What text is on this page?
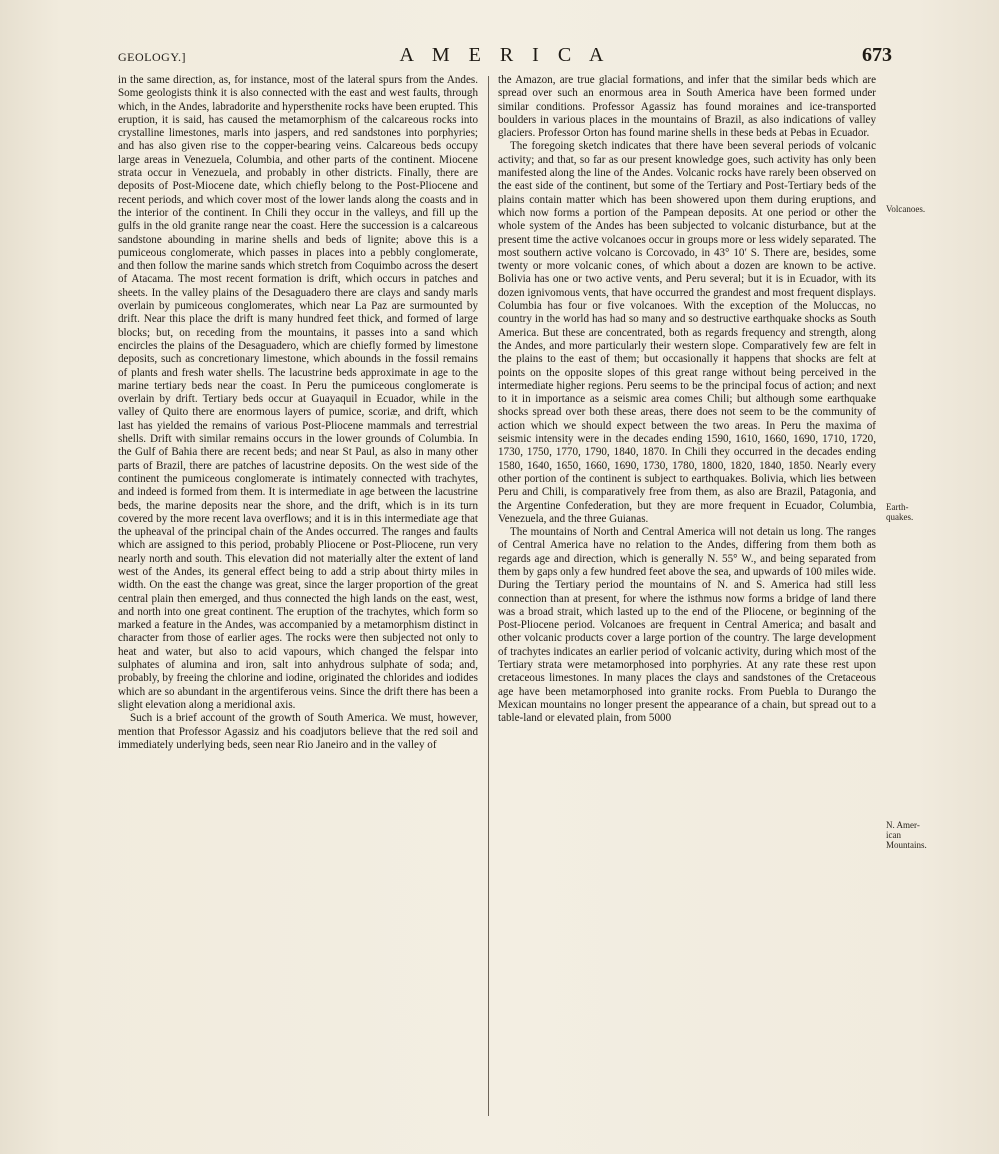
GEOLOGY.]	A M E R I C A	673

in the same direction, as, for instance, most of the lateral spurs from the Andes. Some geologists think it is also connected with the east and west faults, through which, in the Andes, labradorite and hypersthenite rocks have been erupted. This eruption, it is said, has caused the metamorphism of the calcareous rocks into crystalline limestones, marls into jaspers, and red sandstones into porphyries; and has also given rise to the copper-bearing veins. Calcareous beds occupy large areas in Venezuela, Columbia, and other parts of the continent. Miocene strata occur in Venezuela, and probably in other districts. Finally, there are deposits of Post-Miocene date, which chiefly belong to the Post-Pliocene and recent periods, and which cover most of the lower lands along the coasts and in the interior of the continent. In Chili they occur in the valleys, and fill up the gulfs in the old granite range near the coast. Here the succession is a calcareous sandstone abounding in marine shells and beds of lignite; above this is a pumiceous conglomerate, which passes in places into a pebbly conglomerate, and then follow the marine sands which stretch from Coquimbo across the desert of Atacama. The most recent formation is drift, which occurs in patches and sheets. In the valley plains of the Desaguadero there are clays and sandy marls overlain by pumiceous conglomerates, which near La Paz are surmounted by drift. Near this place the drift is many hundred feet thick, and formed of large blocks; but, on receding from the mountains, it passes into a sand which encircles the plains of the Desaguadero, which are chiefly formed by limestone deposits, such as concretionary limestone, which abounds in the fossil remains of plants and fresh water shells. The lacustrine beds approximate in age to the marine tertiary beds near the coast. In Peru the pumiceous conglomerate is overlain by drift. Tertiary beds occur at Guayaquil in Ecuador, while in the valley of Quito there are enormous layers of pumice, scoriæ, and drift, which last has yielded the remains of various Post-Pliocene mammals and terrestrial shells. Drift with similar remains occurs in the lower grounds of Columbia. In the Gulf of Bahia there are recent beds; and near St Paul, as also in many other parts of Brazil, there are patches of lacustrine deposits. On the west side of the continent the pumiceous conglomerate is intimately connected with trachytes, and indeed is formed from them. It is intermediate in age between the lacustrine beds, the marine deposits near the shore, and the drift, which is in its turn covered by the more recent lava overflows; and it is in this intermediate age that the upheaval of the principal chain of the Andes occurred. The ranges and faults which are assigned to this period, probably Pliocene or Post-Pliocene, run very nearly north and south. This elevation did not materially alter the extent of land west of the Andes, its general effect being to add a strip about thirty miles in width. On the east the change was great, since the larger proportion of the great central plain then emerged, and thus connected the high lands on the east, west, and north into one great continent. The eruption of the trachytes, which form so marked a feature in the Andes, was accompanied by a metamorphism distinct in character from those of earlier ages. The rocks were then subjected not only to heat and water, but also to acid vapours, which changed the felspar into sulphates of alumina and iron, salt into anhydrous sulphate of soda; and, probably, by freeing the chlorine and iodine, originated the chlorides and iodides which are so abundant in the argentiferous veins. Since the drift there has been a slight elevation along a meridional axis.

Such is a brief account of the growth of South America. We must, however, mention that Professor Agassiz and his coadjutors believe that the red soil and immediately underlying beds, seen near Rio Janeiro and in the valley of

the Amazon, are true glacial formations, and infer that the similar beds which are spread over such an enormous area in South America have been formed under similar conditions. Professor Agassiz has found moraines and ice-transported boulders in various places in the mountains of Brazil, as also indications of valley glaciers. Professor Orton has found marine shells in these beds at Pebas in Ecuador.

The foregoing sketch indicates that there have been several periods of volcanic activity; and that, so far as our present knowledge goes, such activity has only been manifested along the line of the Andes. Volcanic rocks have rarely been observed on the east side of the continent, but some of the Tertiary and Post-Tertiary beds of the plains contain matter which has been showered upon them during eruptions, and which now forms a portion of the Pampean deposits. At one period or other the whole system of the Andes has been subjected to volcanic disturbance, but at the present time the active volcanoes occur in groups more or less widely separated. The most southern active volcano is Corcovado, in 43° 10′ S. There are, besides, some twenty or more volcanic cones, of which about a dozen are known to be active. Bolivia has one or two active vents, and Peru several; but it is in Ecuador, with its dozen ignivomous vents, that have occurred the grandest and most frequent displays. Columbia has four or five volcanoes. With the exception of the Moluccas, no country in the world has had so many and so destructive earthquake shocks as South America. But these are concentrated, both as regards frequency and strength, along the Andes, and more particularly their western slope. Comparatively few are felt in the plains to the east of them; but occasionally it happens that shocks are felt at points on the opposite slopes of this great range without being perceived in the intermediate higher regions. Peru seems to be the principal focus of action; and next to it in importance as a seismic area comes Chili; but although some earthquake shocks spread over both these areas, there does not seem to be the community of action which we should expect between the two areas. In Peru the maxima of seismic intensity were in the decades ending 1590, 1610, 1660, 1690, 1710, 1720, 1730, 1750, 1770, 1790, 1840, 1870. In Chili they occurred in the decades ending 1580, 1640, 1650, 1660, 1690, 1730, 1780, 1800, 1820, 1840, 1850. Nearly every other portion of the continent is subject to earthquakes. Bolivia, which lies between Peru and Chili, is comparatively free from them, as also are Brazil, Patagonia, and the Argentine Confederation, but they are more frequent in Ecuador, Columbia, Venezuela, and the three Guianas.

The mountains of North and Central America will not detain us long. The ranges of Central America have no relation to the Andes, differing from them both as regards age and direction, which is generally N. 55° W., and being separated from them by gaps only a few hundred feet above the sea, and upwards of 100 miles wide. During the Tertiary period the mountains of N. and S. America had still less connection than at present, for where the isthmus now forms a bridge of land there was a broad strait, which lasted up to the end of the Pliocene, or beginning of the Post-Pliocene period. Volcanoes are frequent in Central America; and basalt and other volcanic products cover a large portion of the country. The large development of trachytes indicates an earlier period of volcanic activity, during which most of the Tertiary strata were metamorphosed into porphyries. At any rate these rest upon cretaceous limestones. In many places the clays and sandstones of the Cretaceous age have been metamorphosed into granite rocks. From Puebla to Durango the Mexican mountains no longer present the appearance of a chain, but spread out to a table-land or elevated plain, from 5000

Volcanoes.
Earth-
quakes.
N. Amer-
ican
Mountains.
